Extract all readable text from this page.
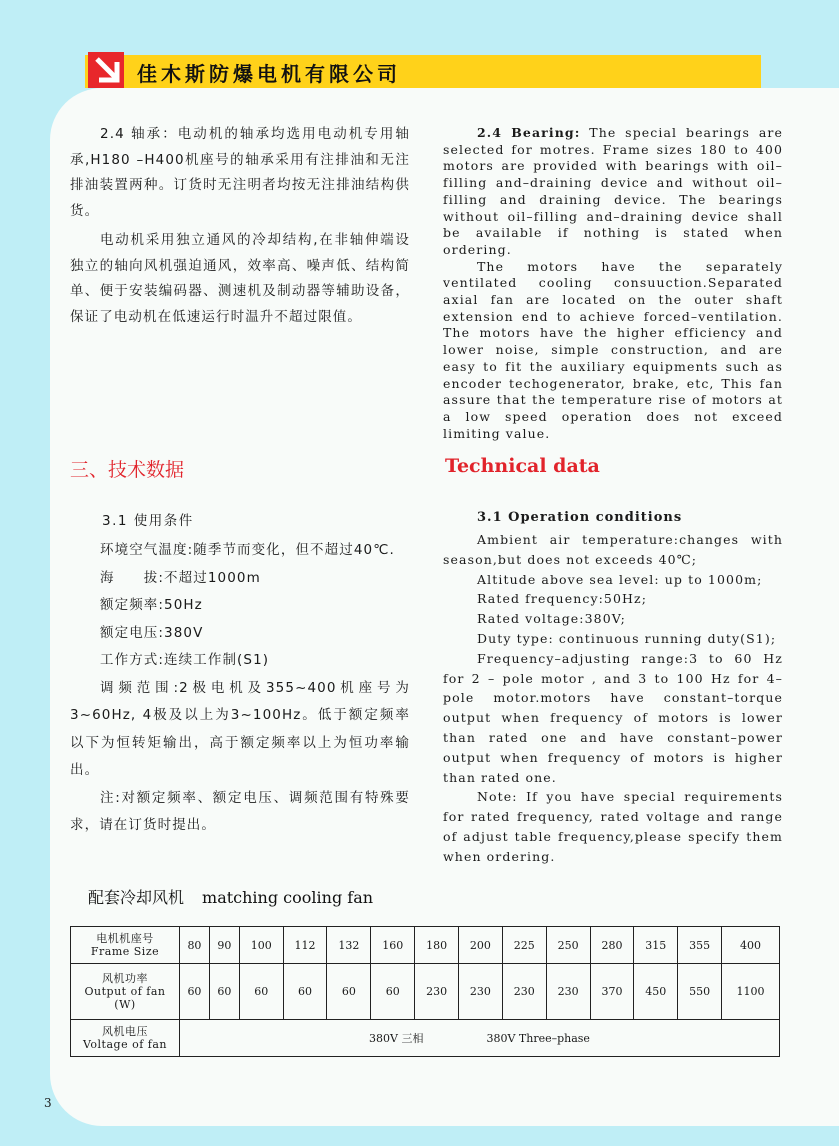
佳木斯防爆电机有限公司

2.4 轴承：电动机的轴承均选用电动机专用轴承,H180 –H400机座号的轴承采用有注排油和无注排油装置两种。订货时无注明者均按无注排油结构供货。

电动机采用独立通风的冷却结构,在非轴伸端设独立的轴向风机强迫通风，效率高、噪声低、结构简单、便于安装编码器、测速机及制动器等辅助设备，保证了电动机在低速运行时温升不超过限值。

2.4 Bearing: The special bearings are selected for motres. Frame sizes 180 to 400 motors are provided with bearings with oil–filling and–draining device and without oil–filling and draining device. The bearings without oil–filling and–draining device shall be available if nothing is stated when ordering.

The motors have the separately ventilated cooling consuuction.Separated axial fan are located on the outer shaft extension end to achieve forced–ventilation. The motors have the higher efficiency and lower noise, simple construction, and are easy to fit the auxiliary equipments such as encoder techogenerator, brake, etc, This fan assure that the temperature rise of motors at a low speed operation does not exceed limiting value.

三、技术数据	Technical data
3.1 使用条件	3.1 Operation conditions

环境空气温度:随季节而变化，但不超过40℃.

海　　拔:不超过1000m

额定频率:50Hz

额定电压:380V

工作方式:连续工作制(S1)

调频范围:2极电机及355~400机座号为3~60Hz, 4极及以上为3~100Hz。低于额定频率以下为恒转矩输出，高于额定频率以上为恒功率输出。

注:对额定频率、额定电压、调频范围有特殊要求，请在订货时提出。

Ambient air temperature:changes with season,but does not exceeds 40℃;

Altitude above sea level: up to 1000m;

Rated frequency:50Hz;

Rated voltage:380V;

Duty type: continuous running duty(S1);

Frequency–adjusting range:3 to 60 Hz for 2 – pole motor , and 3 to 100 Hz for 4–pole motor.motors have constant–torque output when frequency of motors is lower than rated one and have constant–power output when frequency of motors is higher than rated one.

Note: If you have special requirements for rated frequency, rated voltage and range of adjust table frequency,please specify them when ordering.

配套冷却风机 matching cooling fan
电机机座号
Frame Size	80	90	100	112	132	160	180	200	225	250	280	315	355	400
风机功率
Output of fan
(W)	60	60	60	60	60	60	230	230	230	230	370	450	550	1100
风机电压
Voltage of fan	380V 三相 380V Three–phase													
3
